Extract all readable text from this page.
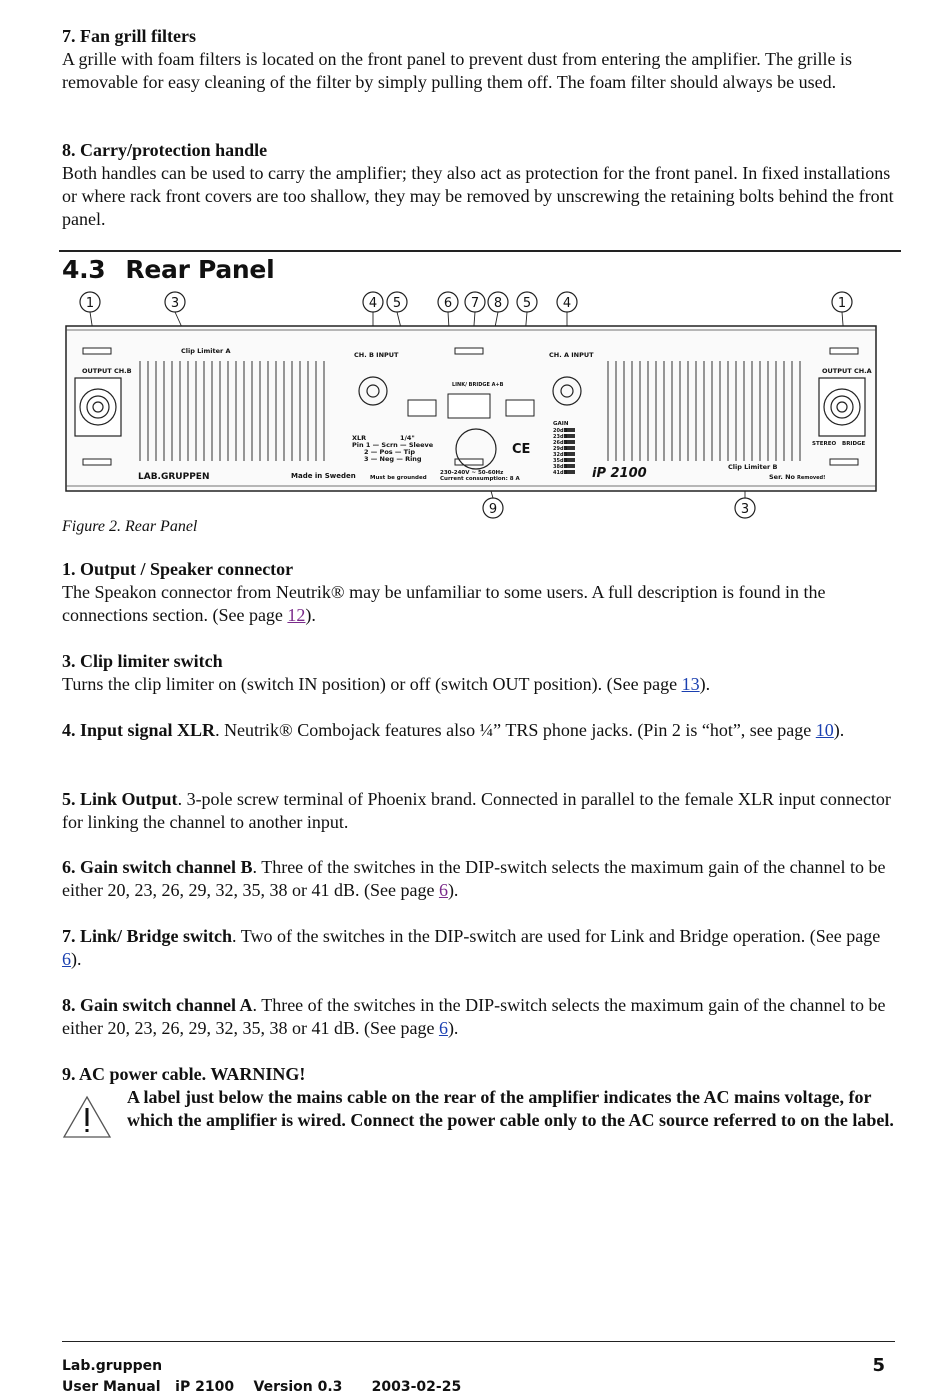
7. Fan grill filters

A grille with foam filters is located on the front panel to prevent dust from entering the amplifier. The grille is removable for easy cleaning of the filter by simply pulling them off. The foam filter should always be used.

8. Carry/protection handle

Both handles can be used to carry the amplifier; they also act as protection for the front panel. In fixed installations or where rack front covers are too shallow, they may be removed by unscrewing the retaining bolts behind the front panel.

4.3 Rear Panel
1	3	4 5	6 7 8 5 4	1
OUTPUT CH.B	OUTPUT CH.A
Clip Limiter A	CH. B INPUT	CH. A INPUT
LINK/ BRIDGE A+B
XLR	1/4"
Pin 1 — Scrn — Sleeve
2 — Pos — Tip
3 — Neg — Ring
Must be grounded
230-240V ~ 50-60Hz
Current consumption: 8 A
GAIN
Clip Limiter B
Ser. No Removed!
STEREO BRIDGE
Made in Sweden
20dB
23dB
26dB
29dB
32dB
35dB
38dB
41dB
CE
LAB.GRUPPEN	iP 2100
9	3
Figure 2. Rear Panel

1. Output / Speaker connector

The Speakon connector from Neutrik® may be unfamiliar to some users. A full description is found in the connections section. (See page 12).

3. Clip limiter switch

Turns the clip limiter on (switch IN position) or off (switch OUT position). (See page 13).

4. Input signal XLR. Neutrik® Combojack features also ¼” TRS phone jacks. (Pin 2 is “hot”, see page 10).

5. Link Output. 3-pole screw terminal of Phoenix brand. Connected in parallel to the female XLR input connector for linking the channel to another input.

6. Gain switch channel B. Three of the switches in the DIP-switch selects the maximum gain of the channel to be either 20, 23, 26, 29, 32, 35, 38 or 41 dB. (See page 6).

7. Link/ Bridge switch. Two of the switches in the DIP-switch are used for Link and Bridge operation. (See page 6).

8. Gain switch channel A. Three of the switches in the DIP-switch selects the maximum gain of the channel to be either 20, 23, 26, 29, 32, 35, 38 or 41 dB. (See page 6).

9. AC power cable. WARNING!

A label just below the mains cable on the rear of the amplifier indicates the AC mains voltage, for which the amplifier is wired. Connect the power cable only to the AC source referred to on the label.
Lab.gruppen
User Manual   iP 2100    Version 0.3      2003-02-25
5
